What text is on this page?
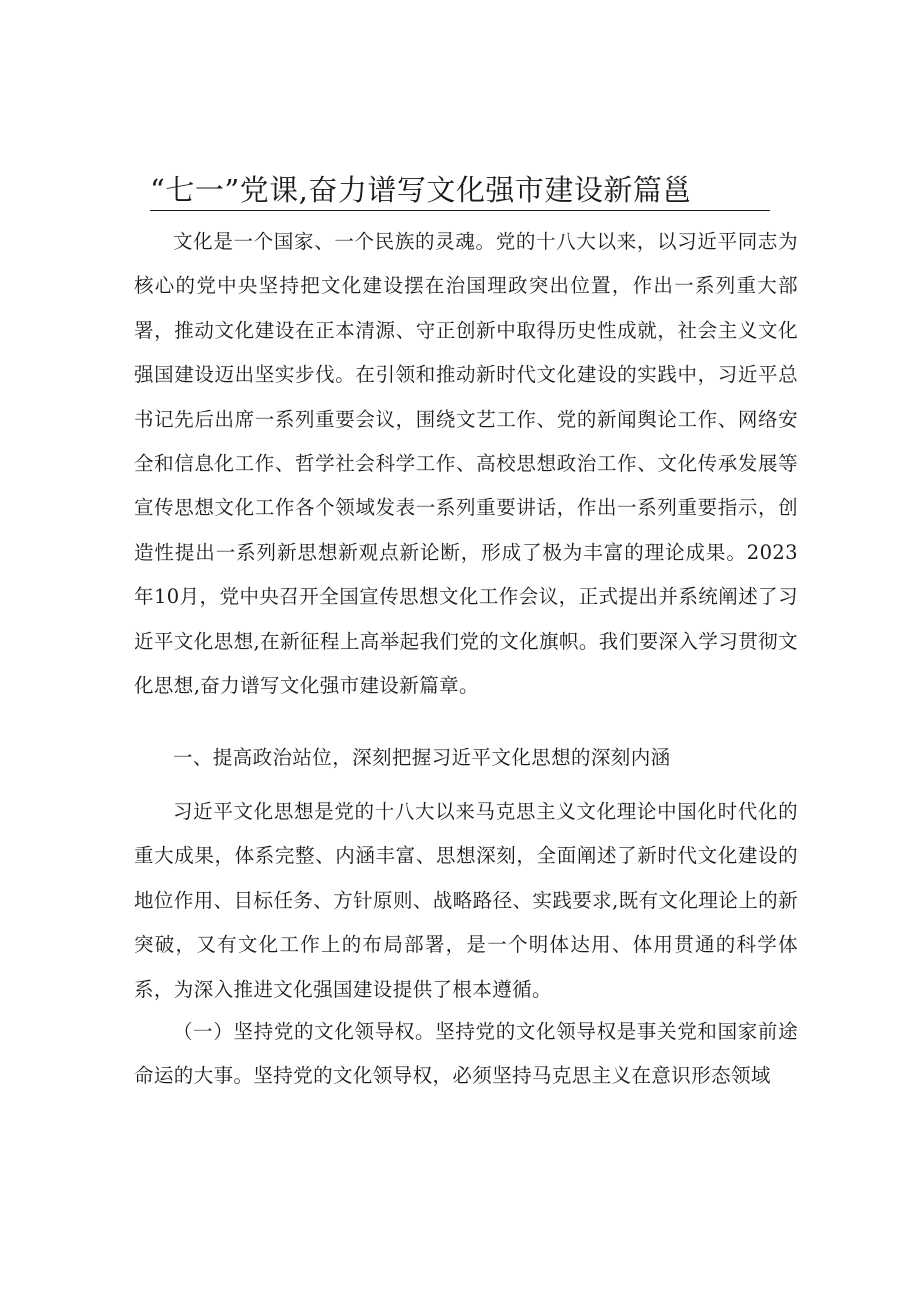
“七一”党课,奋力谱写文化强市建设新篇邕

文化是一个国家、一个民族的灵魂。党的十八大以来，以习近平同志为核心的党中央坚持把文化建设摆在治国理政突出位置，作出一系列重大部署，推动文化建设在正本清源、守正创新中取得历史性成就，社会主义文化强国建设迈出坚实步伐。在引领和推动新时代文化建设的实践中，习近平总书记先后出席一系列重要会议，围绕文艺工作、党的新闻舆论工作、网络安全和信息化工作、哲学社会科学工作、高校思想政治工作、文化传承发展等宣传思想文化工作各个领域发表一系列重要讲话，作出一系列重要指示，创造性提出一系列新思想新观点新论断，形成了极为丰富的理论成果。2023年10月，党中央召开全国宣传思想文化工作会议，正式提出并系统阐述了习近平文化思想,在新征程上高举起我们党的文化旗帜。我们要深入学习贯彻文化思想,奋力谱写文化强市建设新篇章。

一、提高政治站位，深刻把握习近平文化思想的深刻内涵

习近平文化思想是党的十八大以来马克思主义文化理论中国化时代化的重大成果，体系完整、内涵丰富、思想深刻，全面阐述了新时代文化建设的地位作用、目标任务、方针原则、战略路径、实践要求,既有文化理论上的新突破，又有文化工作上的布局部署，是一个明体达用、体用贯通的科学体系，为深入推进文化强国建设提供了根本遵循。

（一）坚持党的文化领导权。坚持党的文化领导权是事关党和国家前途命运的大事。坚持党的文化领导权，必须坚持马克思主义在意识形态领域
